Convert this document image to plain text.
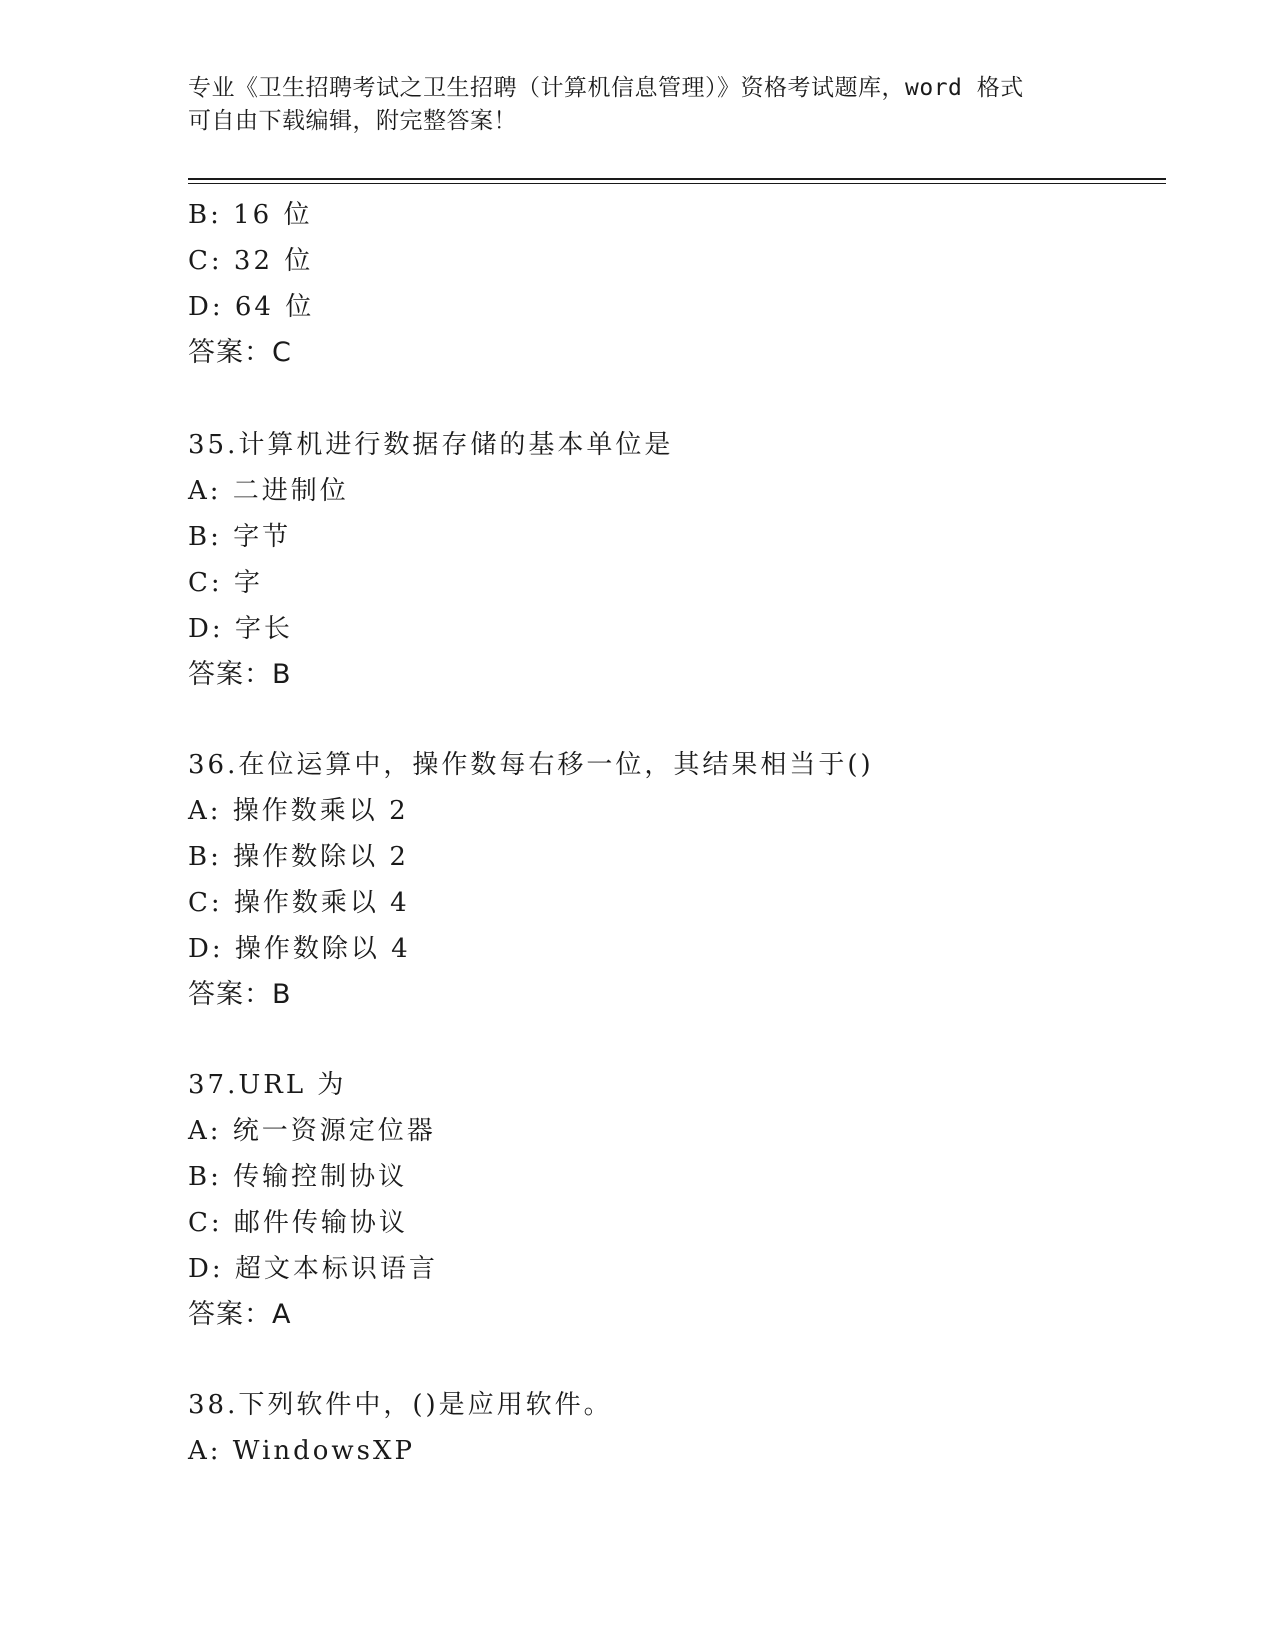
专业《卫生招聘考试之卫生招聘（计算机信息管理）》资格考试题库，word 格式
可自由下载编辑，附完整答案！
B: 16 位
C: 32 位
D: 64 位
答案：C
35.计算机进行数据存储的基本单位是
A: 二进制位
B: 字节
C: 字
D: 字长
答案：B
36.在位运算中，操作数每右移一位，其结果相当于()
A: 操作数乘以 2
B: 操作数除以 2
C: 操作数乘以 4
D: 操作数除以 4
答案：B
37.URL 为
A: 统一资源定位器
B: 传输控制协议
C: 邮件传输协议
D: 超文本标识语言
答案：A
38.下列软件中，()是应用软件。
A: WindowsXP
